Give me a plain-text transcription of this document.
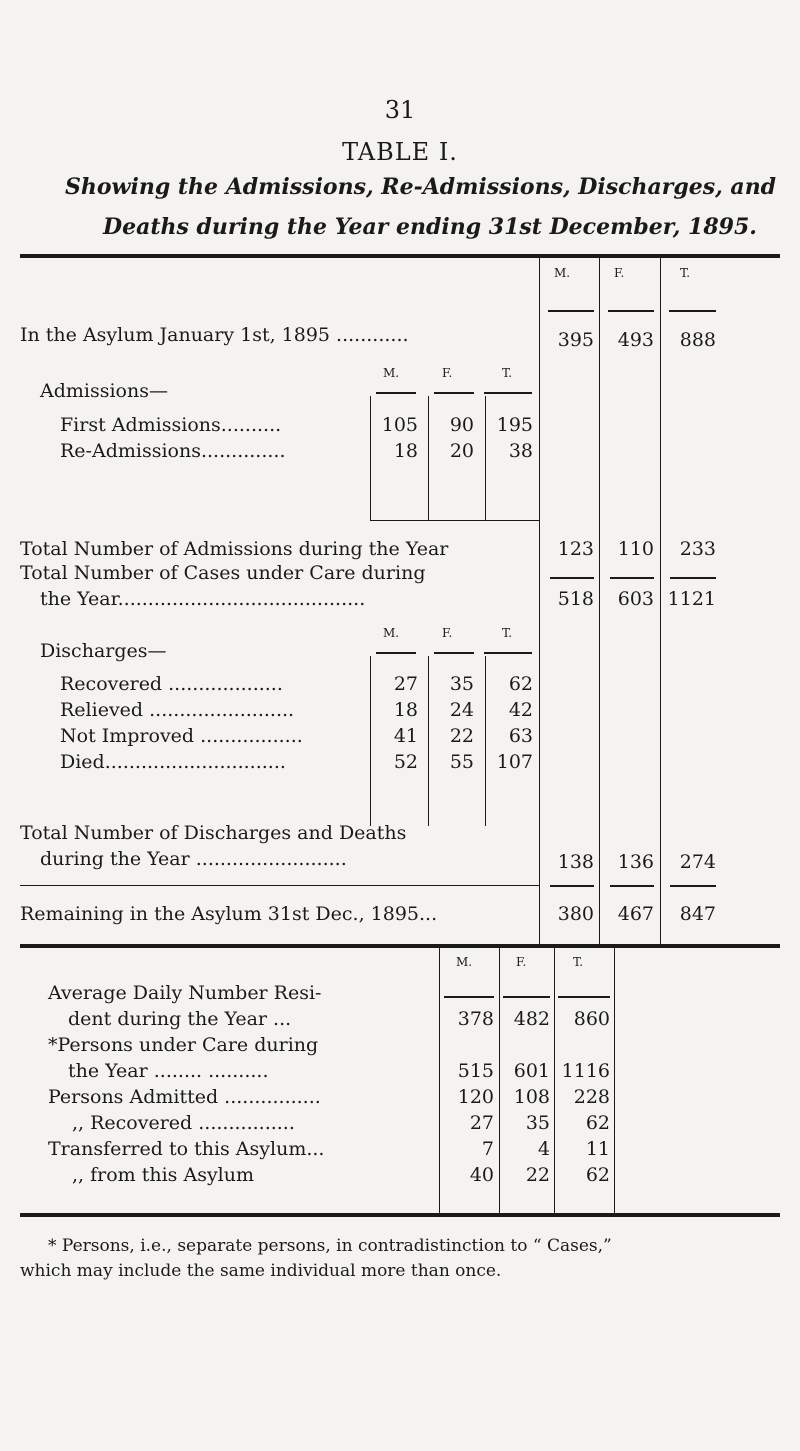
31
TABLE I.
Showing the Admissions, Re-Admissions, Discharges, and
Deaths during the Year ending 31st December, 1895.
M.	F.	T.
In the Asylum January 1st, 1895 ............	395	493	888
M.	F.	T.
Admissions—
First Admissions..........	105	90	195
Re-Admissions..............	18	20	38
Total Number of Admissions during the Year	123	110	233
Total Number of Cases under Care during
the Year.........................................	518	603 1121
M.	F.	T.
Discharges—
Recovered ...................	27	35	62
Relieved ........................	18	24	42
Not Improved .................	41	22	63
Died..............................	52	55	107
Total Number of Discharges and Deaths
during the Year .........................	138	136	274
Remaining in the Asylum 31st Dec., 1895...	380	467	847
M.	F.	T.
Average Daily Number Resi-
dent during the Year ...	378	482	860
*Persons under Care during
the Year ........ ..........	515	601 1116
Persons Admitted ................	120	108	228
,, Recovered ................	27	35	62
Transferred to this Asylum...	7	4	11
,, from this Asylum	40	22	62
* Persons, i.e., separate persons, in contradistinction to “ Cases,”
which may include the same individual more than once.
